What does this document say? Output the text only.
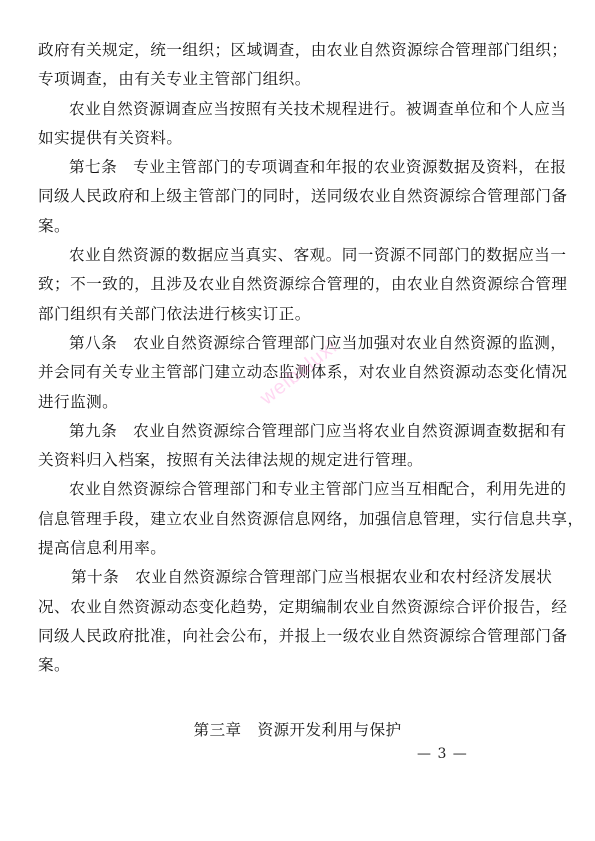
政府有关规定，统一组织；区域调查，由农业自然资源综合管理部门组织；
专项调查，由有关专业主管部门组织。
农业自然资源调查应当按照有关技术规程进行。被调查单位和个人应当
如实提供有关资料。
第七条　专业主管部门的专项调查和年报的农业资源数据及资料，在报
同级人民政府和上级主管部门的同时，送同级农业自然资源综合管理部门备
案。
农业自然资源的数据应当真实、客观。同一资源不同部门的数据应当一
致；不一致的，且涉及农业自然资源综合管理的，由农业自然资源综合管理
部门组织有关部门依法进行核实订正。
第八条　农业自然资源综合管理部门应当加强对农业自然资源的监测，
并会同有关专业主管部门建立动态监测体系，对农业自然资源动态变化情况
进行监测。
第九条　农业自然资源综合管理部门应当将农业自然资源调查数据和有
关资料归入档案，按照有关法律法规的规定进行管理。
农业自然资源综合管理部门和专业主管部门应当互相配合，利用先进的
信息管理手段，建立农业自然资源信息网络，加强信息管理，实行信息共享，
提高信息利用率。
第十条　农业自然资源综合管理部门应当根据农业和农村经济发展状
况、农业自然资源动态变化趋势，定期编制农业自然资源综合评价报告，经
同级人民政府批准，向社会公布，并报上一级农业自然资源综合管理部门备
案。
weibaluxi
第三章　资源开发利用与保护
— 3 —
